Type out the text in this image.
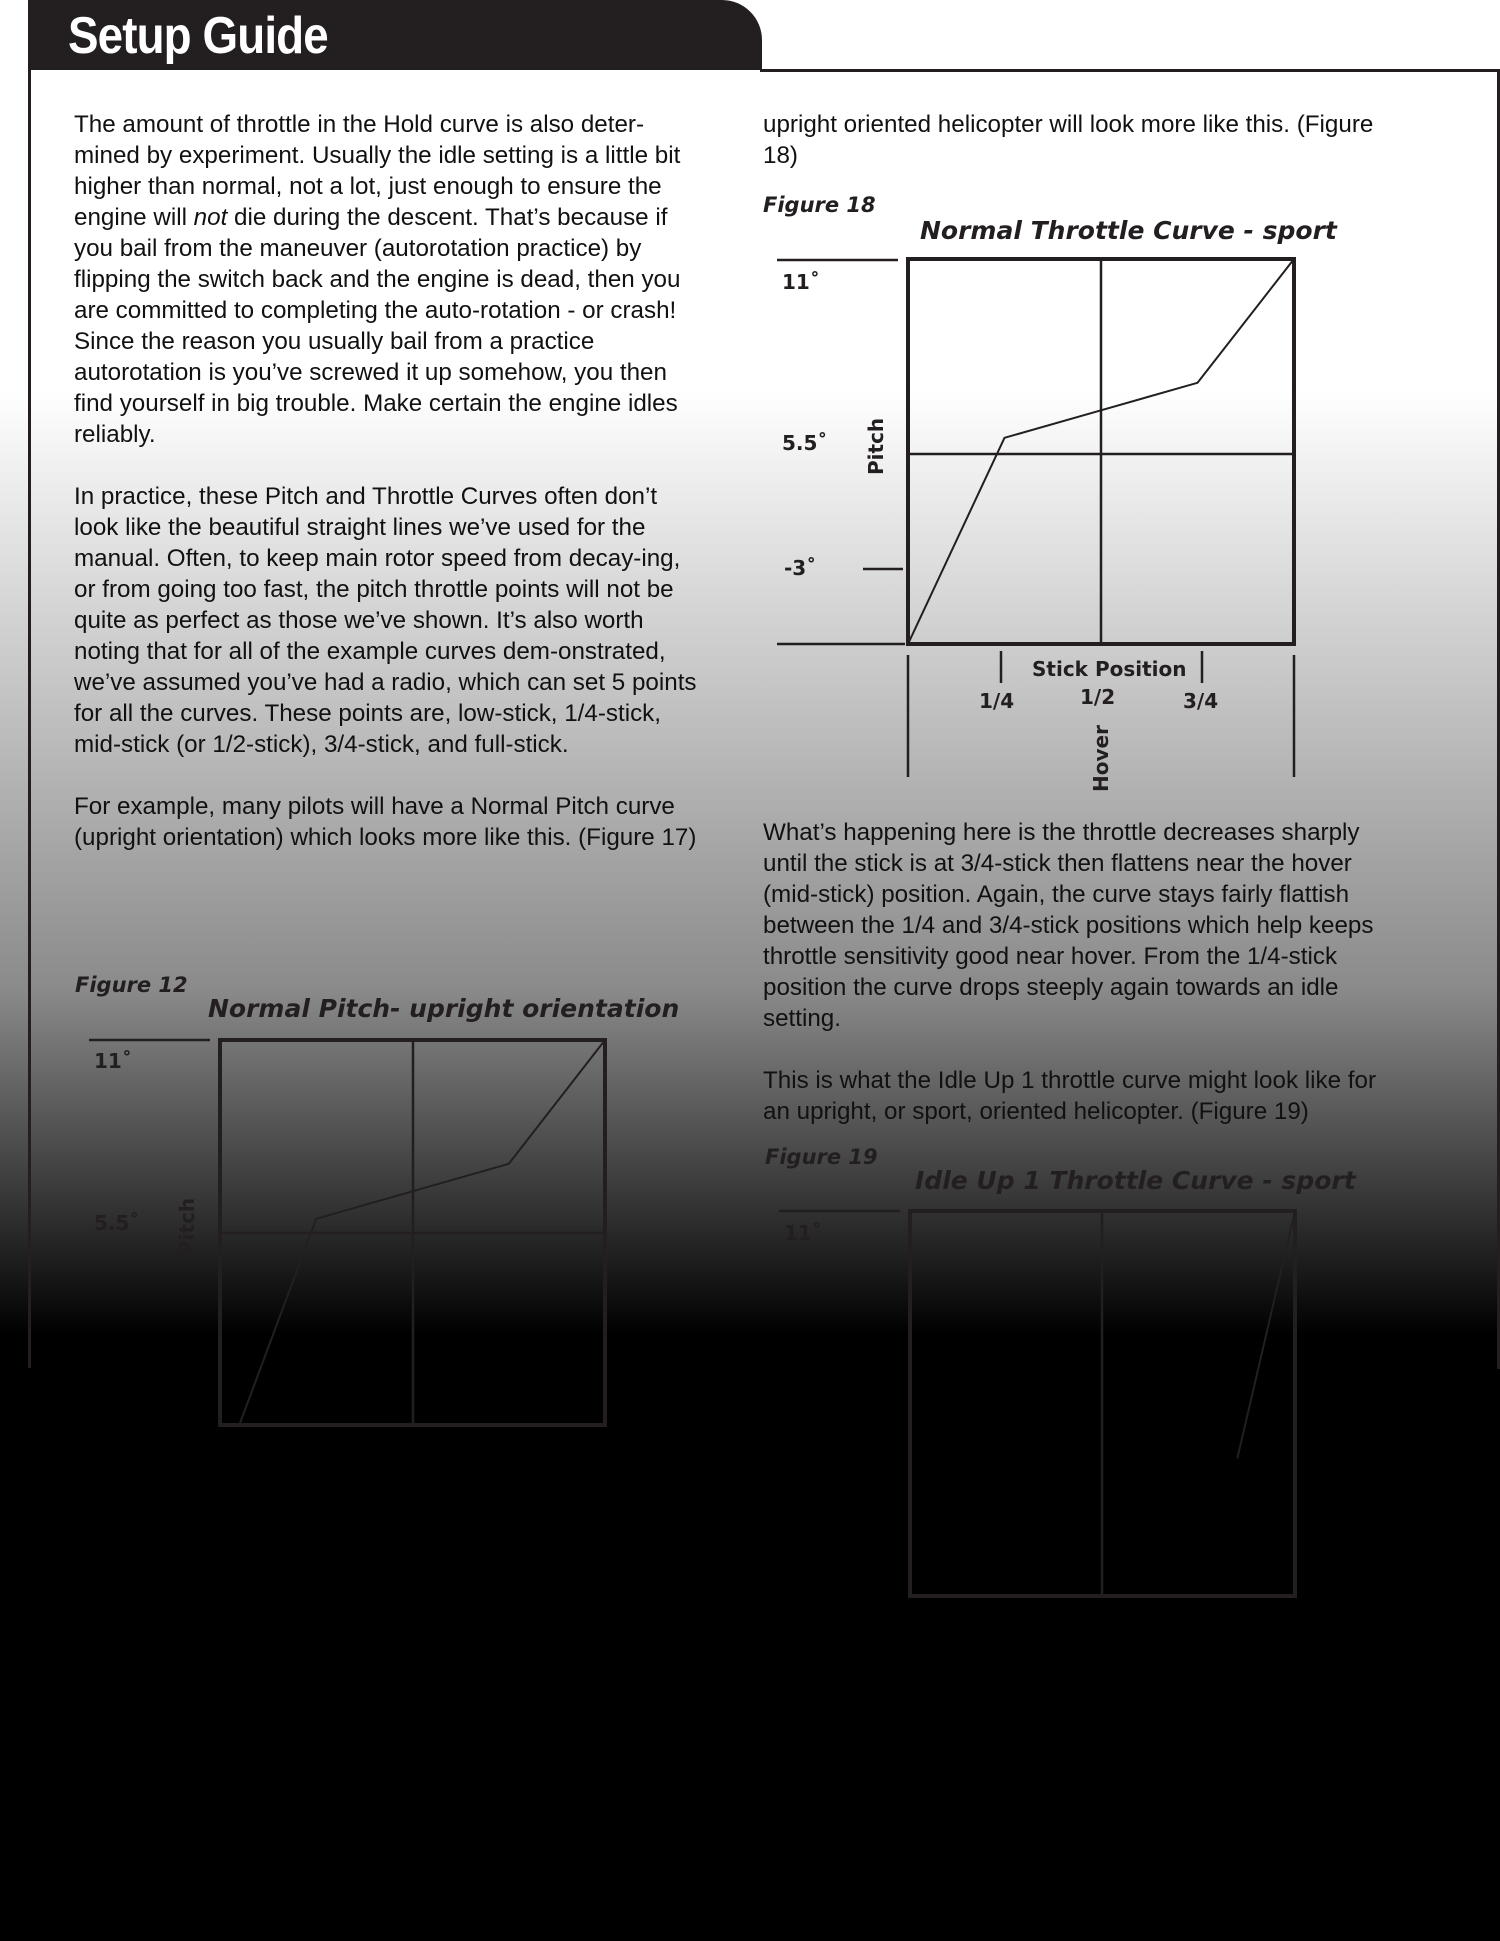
Setup Guide

The amount of throttle in the Hold curve is also deter-mined by experiment. Usually the idle setting is a little bit higher than normal, not a lot, just enough to ensure the engine will not die during the descent. That’s because if you bail from the maneuver (autorotation practice) by flipping the switch back and the engine is dead, then you are committed to completing the auto-rotation - or crash! Since the reason you usually bail from a practice autorotation is you’ve screwed it up somehow, you then find yourself in big trouble. Make certain the engine idles reliably.

In practice, these Pitch and Throttle Curves often don’t look like the beautiful straight lines we’ve used for the manual. Often, to keep main rotor speed from decay-ing, or from going too fast, the pitch throttle points will not be quite as perfect as those we’ve shown. It’s also worth noting that for all of the example curves dem-onstrated, we’ve assumed you’ve had a radio, which can set 5 points for all the curves. These points are, low-stick, 1/4-stick, mid-stick (or 1/2-stick), 3/4-stick, and full-stick.

For example, many pilots will have a Normal Pitch curve (upright orientation) which looks more like this. (Figure 17)

upright oriented helicopter will look more like this. (Figure 18)

What’s happening here is the throttle decreases sharply until the stick is at 3/4-stick then flattens near the hover (mid-stick) position. Again, the curve stays fairly flattish between the 1/4 and 3/4-stick positions which help keeps throttle sensitivity good near hover. From the 1/4-stick position the curve drops steeply again towards an idle setting.

This is what the Idle Up 1 throttle curve might look like for an upright, or sport, oriented helicopter. (Figure 19)

Figure 18
Normal Throttle Curve - sport
11˚
5.5˚
-3˚
Pitch
Stick Position
1/4	1/2	3/4
Hover
Figure 12
Normal Pitch- upright orientation
11˚
5.5˚ Pitch
Figure 19
Idle Up 1 Throttle Curve - sport
11˚
